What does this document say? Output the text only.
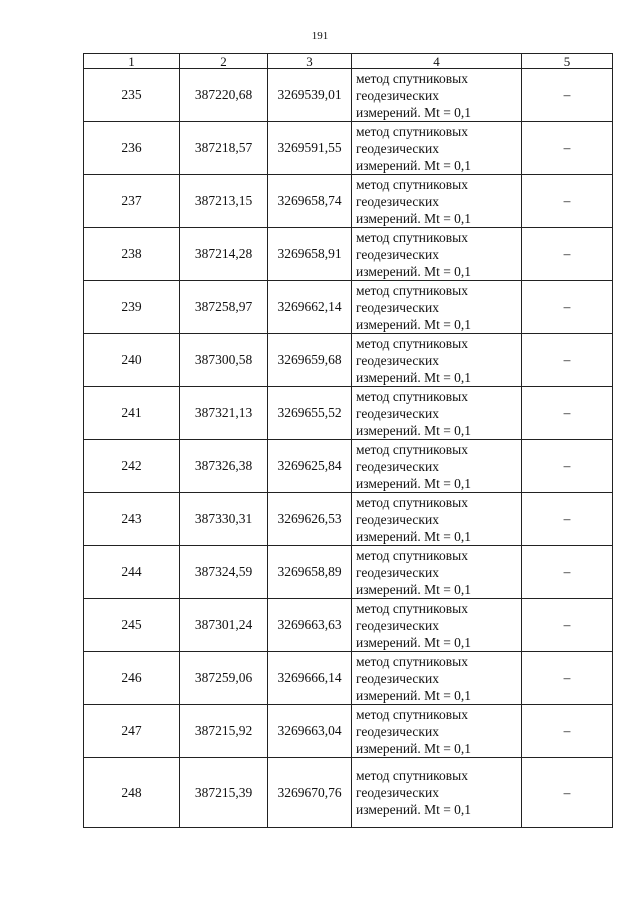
191
1	2	3	4	5
235	387220,68	3269539,01	метод спутниковых
геодезических
измерений. Mt = 0,1	–
236	387218,57	3269591,55	метод спутниковых
геодезических
измерений. Mt = 0,1	–
237	387213,15	3269658,74	метод спутниковых
геодезических
измерений. Mt = 0,1	–
238	387214,28	3269658,91	метод спутниковых
геодезических
измерений. Mt = 0,1	–
239	387258,97	3269662,14	метод спутниковых
геодезических
измерений. Mt = 0,1	–
240	387300,58	3269659,68	метод спутниковых
геодезических
измерений. Mt = 0,1	–
241	387321,13	3269655,52	метод спутниковых
геодезических
измерений. Mt = 0,1	–
242	387326,38	3269625,84	метод спутниковых
геодезических
измерений. Mt = 0,1	–
243	387330,31	3269626,53	метод спутниковых
геодезических
измерений. Mt = 0,1	–
244	387324,59	3269658,89	метод спутниковых
геодезических
измерений. Mt = 0,1	–
245	387301,24	3269663,63	метод спутниковых
геодезических
измерений. Mt = 0,1	–
246	387259,06	3269666,14	метод спутниковых
геодезических
измерений. Mt = 0,1	–
247	387215,92	3269663,04	метод спутниковых
геодезических
измерений. Mt = 0,1	–
248	387215,39	3269670,76	метод спутниковых
геодезических
измерений. Mt = 0,1	–
